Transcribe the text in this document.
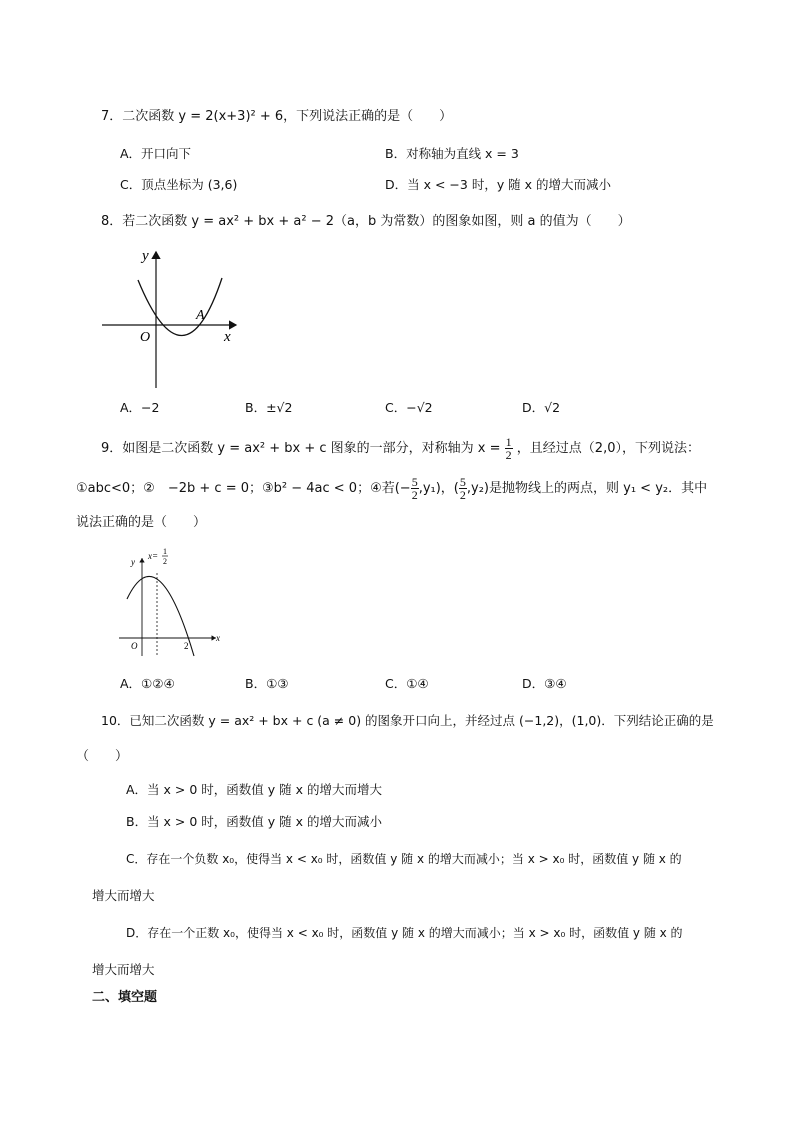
7．二次函数 y = 2(x+3)² + 6，下列说法正确的是（　　）
A．开口向下	B．对称轴为直线 x = 3
C．顶点坐标为 (3,6)	D．当 x < −3 时，y 随 x 的增大而减小
8．若二次函数 y = ax² + bx + a² − 2（a，b 为常数）的图象如图，则 a 的值为（　　）
y
x
O
A
A．−2	B．±√2	C．−√2	D．√2
9．如图是二次函数 y = ax² + bx + c 图象的一部分，对称轴为 $x = \frac{1}{2}$ ，且经过点（2,0），下列说法：
①abc<0；②　−2b + c = 0；③b² − 4ac < 0；④若(− $\frac{5}{2} ,y_1$)，( $\frac{5}{2} ,y_2$)是抛物线上的两点，则 y₁ < y₂．其中
说法正确的是（　　）
y
x= 1
2
x
O	2
A．①②④	B．①③	C．①④	D．③④
10．已知二次函数 y = ax² + bx + c (a ≠ 0) 的图象开口向上，并经过点 (−1,2)，(1,0)．下列结论正确的是
（　　）
A．当 x > 0 时，函数值 y 随 x 的增大而增大
B．当 x > 0 时，函数值 y 随 x 的增大而减小
C．存在一个负数 x₀，使得当 x < x₀ 时，函数值 y 随 x 的增大而减小；当 x > x₀ 时，函数值 y 随 x 的
增大而增大
D．存在一个正数 x₀，使得当 x < x₀ 时，函数值 y 随 x 的增大而减小；当 x > x₀ 时，函数值 y 随 x 的
增大而增大
二、填空题
